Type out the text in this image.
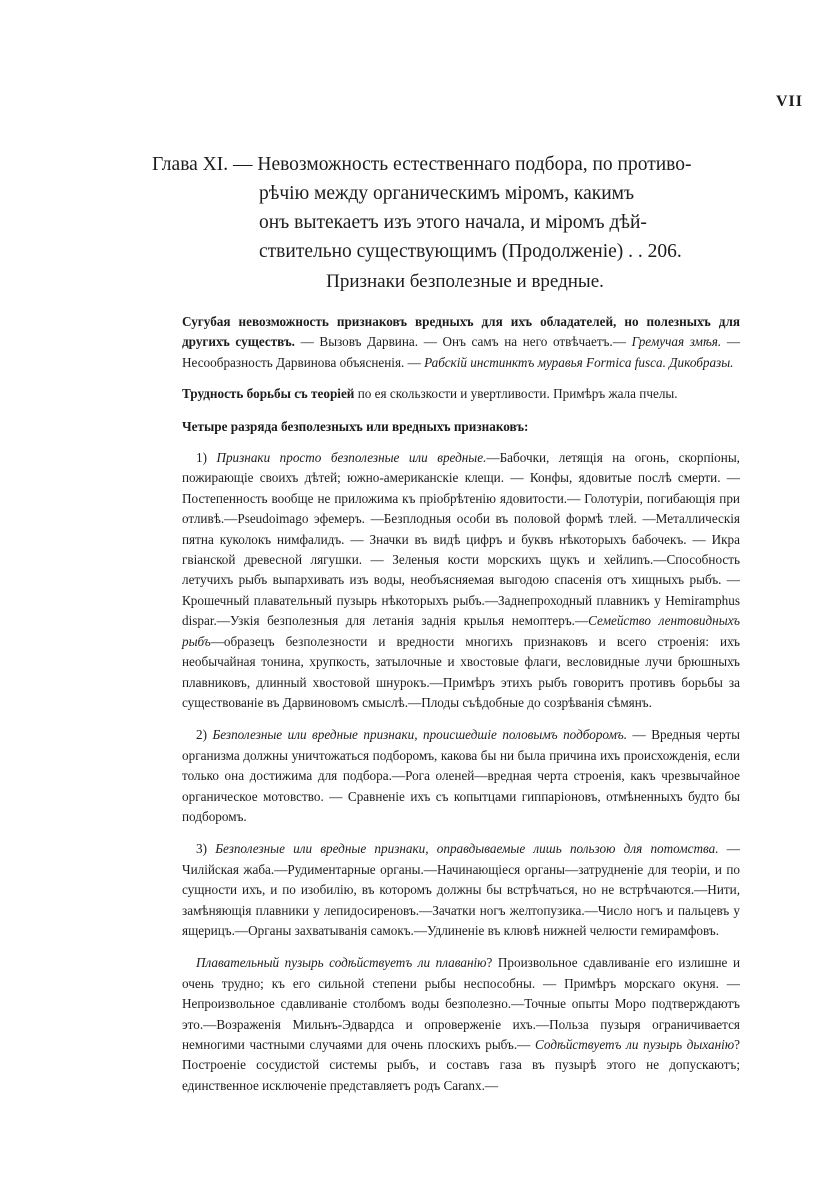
VII
Глава XI. — Невозможность естественнаго подбора, по противо-
рѣчію между органическимъ міромъ, какимъ
онъ вытекаетъ изъ этого начала, и міромъ дѣй-
ствительно существующимъ (Продолженіе) . . 206.
Признаки безполезные и вредные.

Сугубая невозможность признаковъ вредныхъ для ихъ обладателей, но полезныхъ для другихъ существъ. — Вызовъ Дарвина. — Онъ самъ на него отвѣчаетъ.— Гремучая змѣя. — Несообразность Дарвинова объясненія. — Рабскій инстинктъ муравья Formica fusca. Дикобразы.

Трудность борьбы съ теоріей по ея скользкости и увертливости. Примѣръ жала пчелы.

Четыре разряда безполезныхъ или вредныхъ признаковъ:

1) Признаки просто безполезные или вредные.—Бабочки, летящія на огонь, скорпіоны, пожирающіе своихъ дѣтей; южно-американскіе клещи. — Конфы, ядовитые послѣ смерти. —Постепенность вообще не приложима къ пріобрѣтенію ядовитости.— Голотуріи, погибающія при отливѣ.—Pseudoimago эфемеръ. —Безплодныя особи въ половой формѣ тлей. —Металлическія пятна куколокъ нимфалидъ. — Значки въ видѣ цифръ и буквъ нѣкоторыхъ бабочекъ. — Икра гвіанской древесной лягушки. — Зеленыя кости морскихъ щукъ и хейлиnъ.—Способность летучихъ рыбъ выпархивать изъ воды, необъясняемая выгодою спасенія отъ хищныхъ рыбъ. — Крошечный плавательный пузырь нѣкоторыхъ рыбъ.—Заднепроходный плавникъ у Hemiramphus dispar.—Узкія безполезныя для летанія заднія крылья немоптеръ.—Семейство лентовидныхъ рыбъ—образецъ безполезности и вредности многихъ признаковъ и всего строенія: ихъ необычайная тонина, хрупкость, затылочные и хвостовые флаги, весловидные лучи брюшныхъ плавниковъ, длинный хвостовой шнурокъ.—Примѣръ этихъ рыбъ говоритъ противъ борьбы за существованіе въ Дарвиновомъ смыслѣ.—Плоды съѣдобные до созрѣванія сѣмянъ.

2) Безполезные или вредные признаки, происшедшіе половымъ подборомъ. — Вредныя черты организма должны уничтожаться подборомъ, какова бы ни была причина ихъ происхожденія, если только она достижима для подбора.—Рога оленей—вредная черта строенія, какъ чрезвычайное органическое мотовство. — Сравненіе ихъ съ копытцами гиппаріоновъ, отмѣненныхъ будто бы подборомъ.

3) Безполезные или вредные признаки, оправдываемые лишь пользою для потомства. —Чилійская жаба.—Рудиментарные органы.—Начинающіеся органы—затрудненіе для теоріи, и по сущности ихъ, и по изобилію, въ которомъ должны бы встрѣчаться, но не встрѣчаются.—Нити, замѣняющія плавники у лепидосиреновъ.—Зачатки ногъ желтопузика.—Число ногъ и пальцевъ у ящерицъ.—Органы захватыванія самокъ.—Удлиненіе въ клювѣ нижней челюсти гемирамфовъ.

Плавательный пузырь содѣйствуетъ ли плаванію? Произвольное сдавливаніе его излишне и очень трудно; къ его сильной степени рыбы неспособны. — Примѣръ морскаго окуня. —Непроизвольное сдавливаніе столбомъ воды безполезно.—Точные опыты Моро подтверждаютъ это.—Возраженія Мильнъ-Эдвардса и опроверженіе ихъ.—Польза пузыря ограничивается немногими частными случаями для очень плоскихъ рыбъ.— Содѣйствуетъ ли пузырь дыханію? Построеніе сосудистой системы рыбъ, и составъ газа въ пузырѣ этого не допускаютъ; единственное исключеніе представляетъ родъ Caranx.—
